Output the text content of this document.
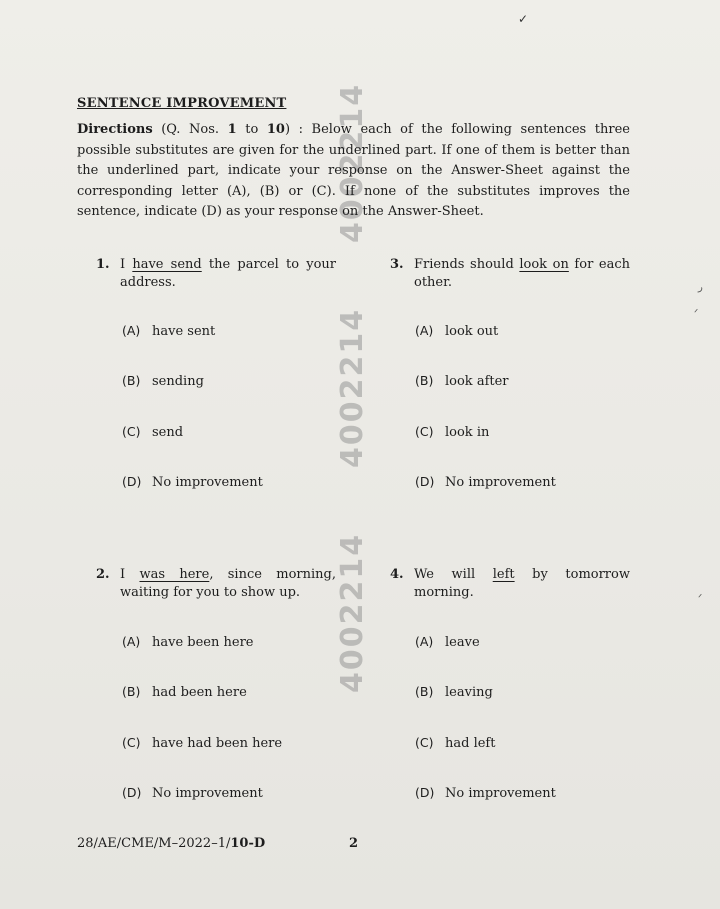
✓
4002214
4002214
4002214
SENTENCE IMPROVEMENT
Directions (Q. Nos. 1 to 10) : Below each of the following sentences three possible substitutes are given for the underlined part. If one of them is better than the underlined part, indicate your response on the Answer-Sheet against the corresponding letter (A), (B) or (C). If none of the substitutes improves the sentence, indicate (D) as your response on the Answer-Sheet.
1. I have send the parcel to your address.
(A) have sent
(B) sending
(C) send
(D) No improvement
3. Friends should look on for each other.
(A) look out
(B) look after
(C) look in
(D) No improvement
2. I was here, since morning, waiting for you to show up.
(A) have been here
(B) had been here
(C) have had been here
(D) No improvement
4. We will left by tomorrow morning.
(A) leave
(B) leaving
(C) had left
(D) No improvement
28/AE/CME/M–2022–1/10-D	2
ر
ᐟ
ᐟ
